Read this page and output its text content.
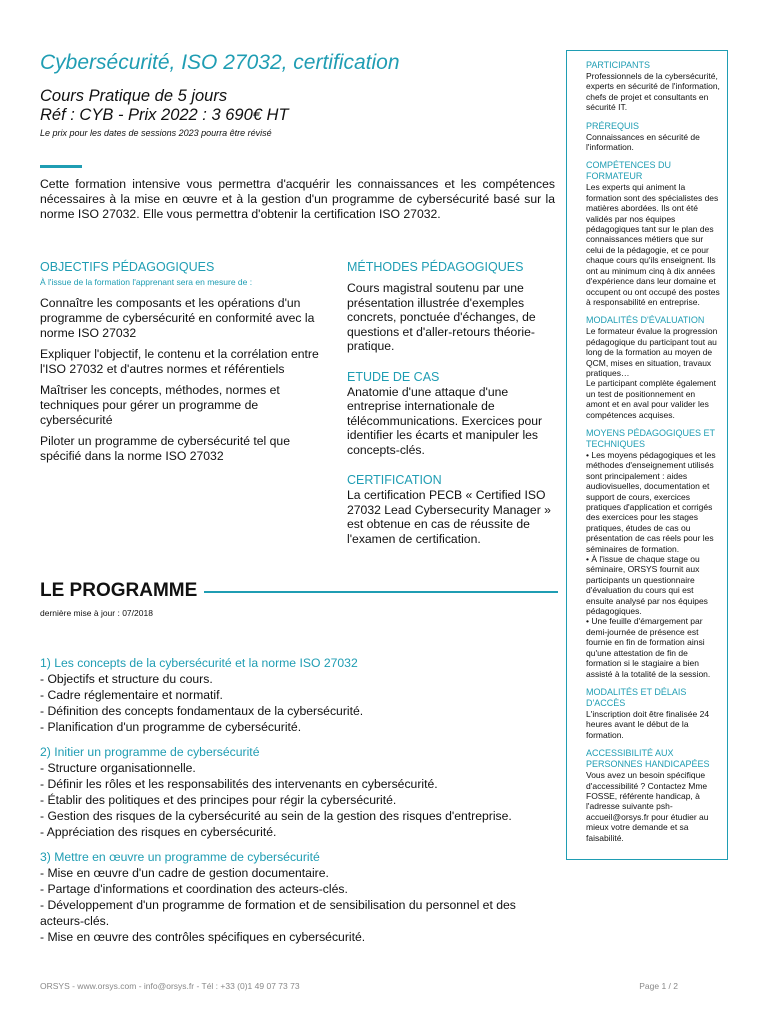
Cybersécurité, ISO 27032, certification
Cours Pratique de 5 jours
Réf : CYB - Prix 2022 : 3 690€ HT
Le prix pour les dates de sessions 2023 pourra être révisé
Cette formation intensive vous permettra d'acquérir les connaissances et les compétences nécessaires à la mise en œuvre et à la gestion d'un programme de cybersécurité basé sur la norme ISO 27032. Elle vous permettra d'obtenir la certification ISO 27032.
OBJECTIFS PÉDAGOGIQUES
À l'issue de la formation l'apprenant sera en mesure de :
Connaître les composants et les opérations d'un programme de cybersécurité en conformité avec la norme ISO 27032
Expliquer l'objectif, le contenu et la corrélation entre l'ISO 27032 et d'autres normes et référentiels
Maîtriser les concepts, méthodes, normes et techniques pour gérer un programme de cybersécurité
Piloter un programme de cybersécurité tel que spécifié dans la norme ISO 27032
MÉTHODES PÉDAGOGIQUES
Cours magistral soutenu par une présentation illustrée d'exemples concrets, ponctuée d'échanges, de questions et d'aller-retours théorie-pratique.
ETUDE DE CAS
Anatomie d'une attaque d'une entreprise internationale de télécommunications. Exercices pour identifier les écarts et manipuler les concepts-clés.
CERTIFICATION
La certification PECB « Certified ISO 27032 Lead Cybersecurity Manager » est obtenue en cas de réussite de l'examen de certification.
LE PROGRAMME
dernière mise à jour : 07/2018
1) Les concepts de la cybersécurité et la norme ISO 27032
- Objectifs et structure du cours.
- Cadre réglementaire et normatif.
- Définition des concepts fondamentaux de la cybersécurité.
- Planification d'un programme de cybersécurité.
2) Initier un programme de cybersécurité
- Structure organisationnelle.
- Définir les rôles et les responsabilités des intervenants en cybersécurité.
- Établir des politiques et des principes pour régir la cybersécurité.
- Gestion des risques de la cybersécurité au sein de la gestion des risques d'entreprise.
- Appréciation des risques en cybersécurité.
3) Mettre en œuvre un programme de cybersécurité
- Mise en œuvre d'un cadre de gestion documentaire.
- Partage d'informations et coordination des acteurs-clés.
- Développement d'un programme de formation et de sensibilisation du personnel et des acteurs-clés.
- Mise en œuvre des contrôles spécifiques en cybersécurité.
PARTICIPANTS
Professionnels de la cybersécurité, experts en sécurité de l'information, chefs de projet et consultants en sécurité IT.
PRÉREQUIS
Connaissances en sécurité de l'information.
COMPÉTENCES DU FORMATEUR
Les experts qui animent la formation sont des spécialistes des matières abordées. Ils ont été validés par nos équipes pédagogiques tant sur le plan des connaissances métiers que sur celui de la pédagogie, et ce pour chaque cours qu'ils enseignent. Ils ont au minimum cinq à dix années d'expérience dans leur domaine et occupent ou ont occupé des postes à responsabilité en entreprise.
MODALITÉS D'ÉVALUATION
Le formateur évalue la progression pédagogique du participant tout au long de la formation au moyen de QCM, mises en situation, travaux pratiques…
Le participant complète également un test de positionnement en amont et en aval pour valider les compétences acquises.
MOYENS PÉDAGOGIQUES ET TECHNIQUES
• Les moyens pédagogiques et les méthodes d'enseignement utilisés sont principalement : aides audiovisuelles, documentation et support de cours, exercices pratiques d'application et corrigés des exercices pour les stages pratiques, études de cas ou présentation de cas réels pour les séminaires de formation.
• À l'issue de chaque stage ou séminaire, ORSYS fournit aux participants un questionnaire d'évaluation du cours qui est ensuite analysé par nos équipes pédagogiques.
• Une feuille d'émargement par demi-journée de présence est fournie en fin de formation ainsi qu'une attestation de fin de formation si le stagiaire a bien assisté à la totalité de la session.
MODALITÉS ET DÉLAIS D'ACCÈS
L'inscription doit être finalisée 24 heures avant le début de la formation.
ACCESSIBILITÉ AUX PERSONNES HANDICAPÉES
Vous avez un besoin spécifique d'accessibilité ? Contactez Mme FOSSE, référente handicap, à l'adresse suivante psh-accueil@orsys.fr pour étudier au mieux votre demande et sa faisabilité.
ORSYS - www.orsys.com - info@orsys.fr - Tél : +33 (0)1 49 07 73 73	Page 1 / 2
